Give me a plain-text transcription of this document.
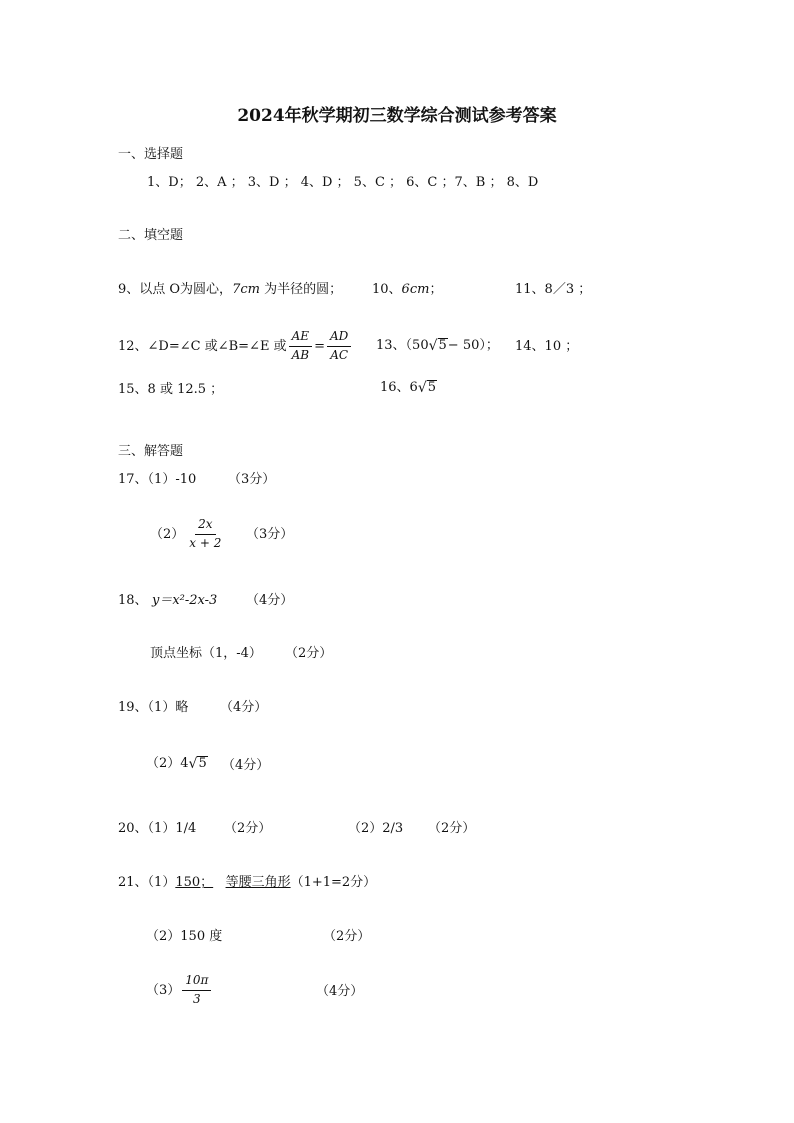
2024年秋学期初三数学综合测试参考答案
一、选择题
1、D； 2、A ； 3、D ； 4、D ； 5、C ； 6、C ；7、B ； 8、D
二、填空题
9、以点 O为圆心，7cm 为半径的圆； 10、6cm；	11、8／3 ；
12、∠D=∠C 或∠B=∠E 或 $\frac{AE}{AB} = \frac{AD}{AC} 13$、（50 √ 5 − 50）； 14、10 ；
15、8 或 12.5 ；	16、6 √ 5
三、解答题
17、（1）-10 （3分）
$(2) \frac{2x}{x + 2} (3$分）
18、 y＝x²-2x-3 （4分）
顶点坐标（1，-4） （2分）
19、（1）略 （4分）
（2）4 √ 5 （4分）
20、（1）1/4 （2分）	（2）2/3 （2分）
21、（1）150； 等腰三角形（1+1=2分）
（2）150 度	（2分）
$(3) \frac{10\pi}{3}$	（4分）
